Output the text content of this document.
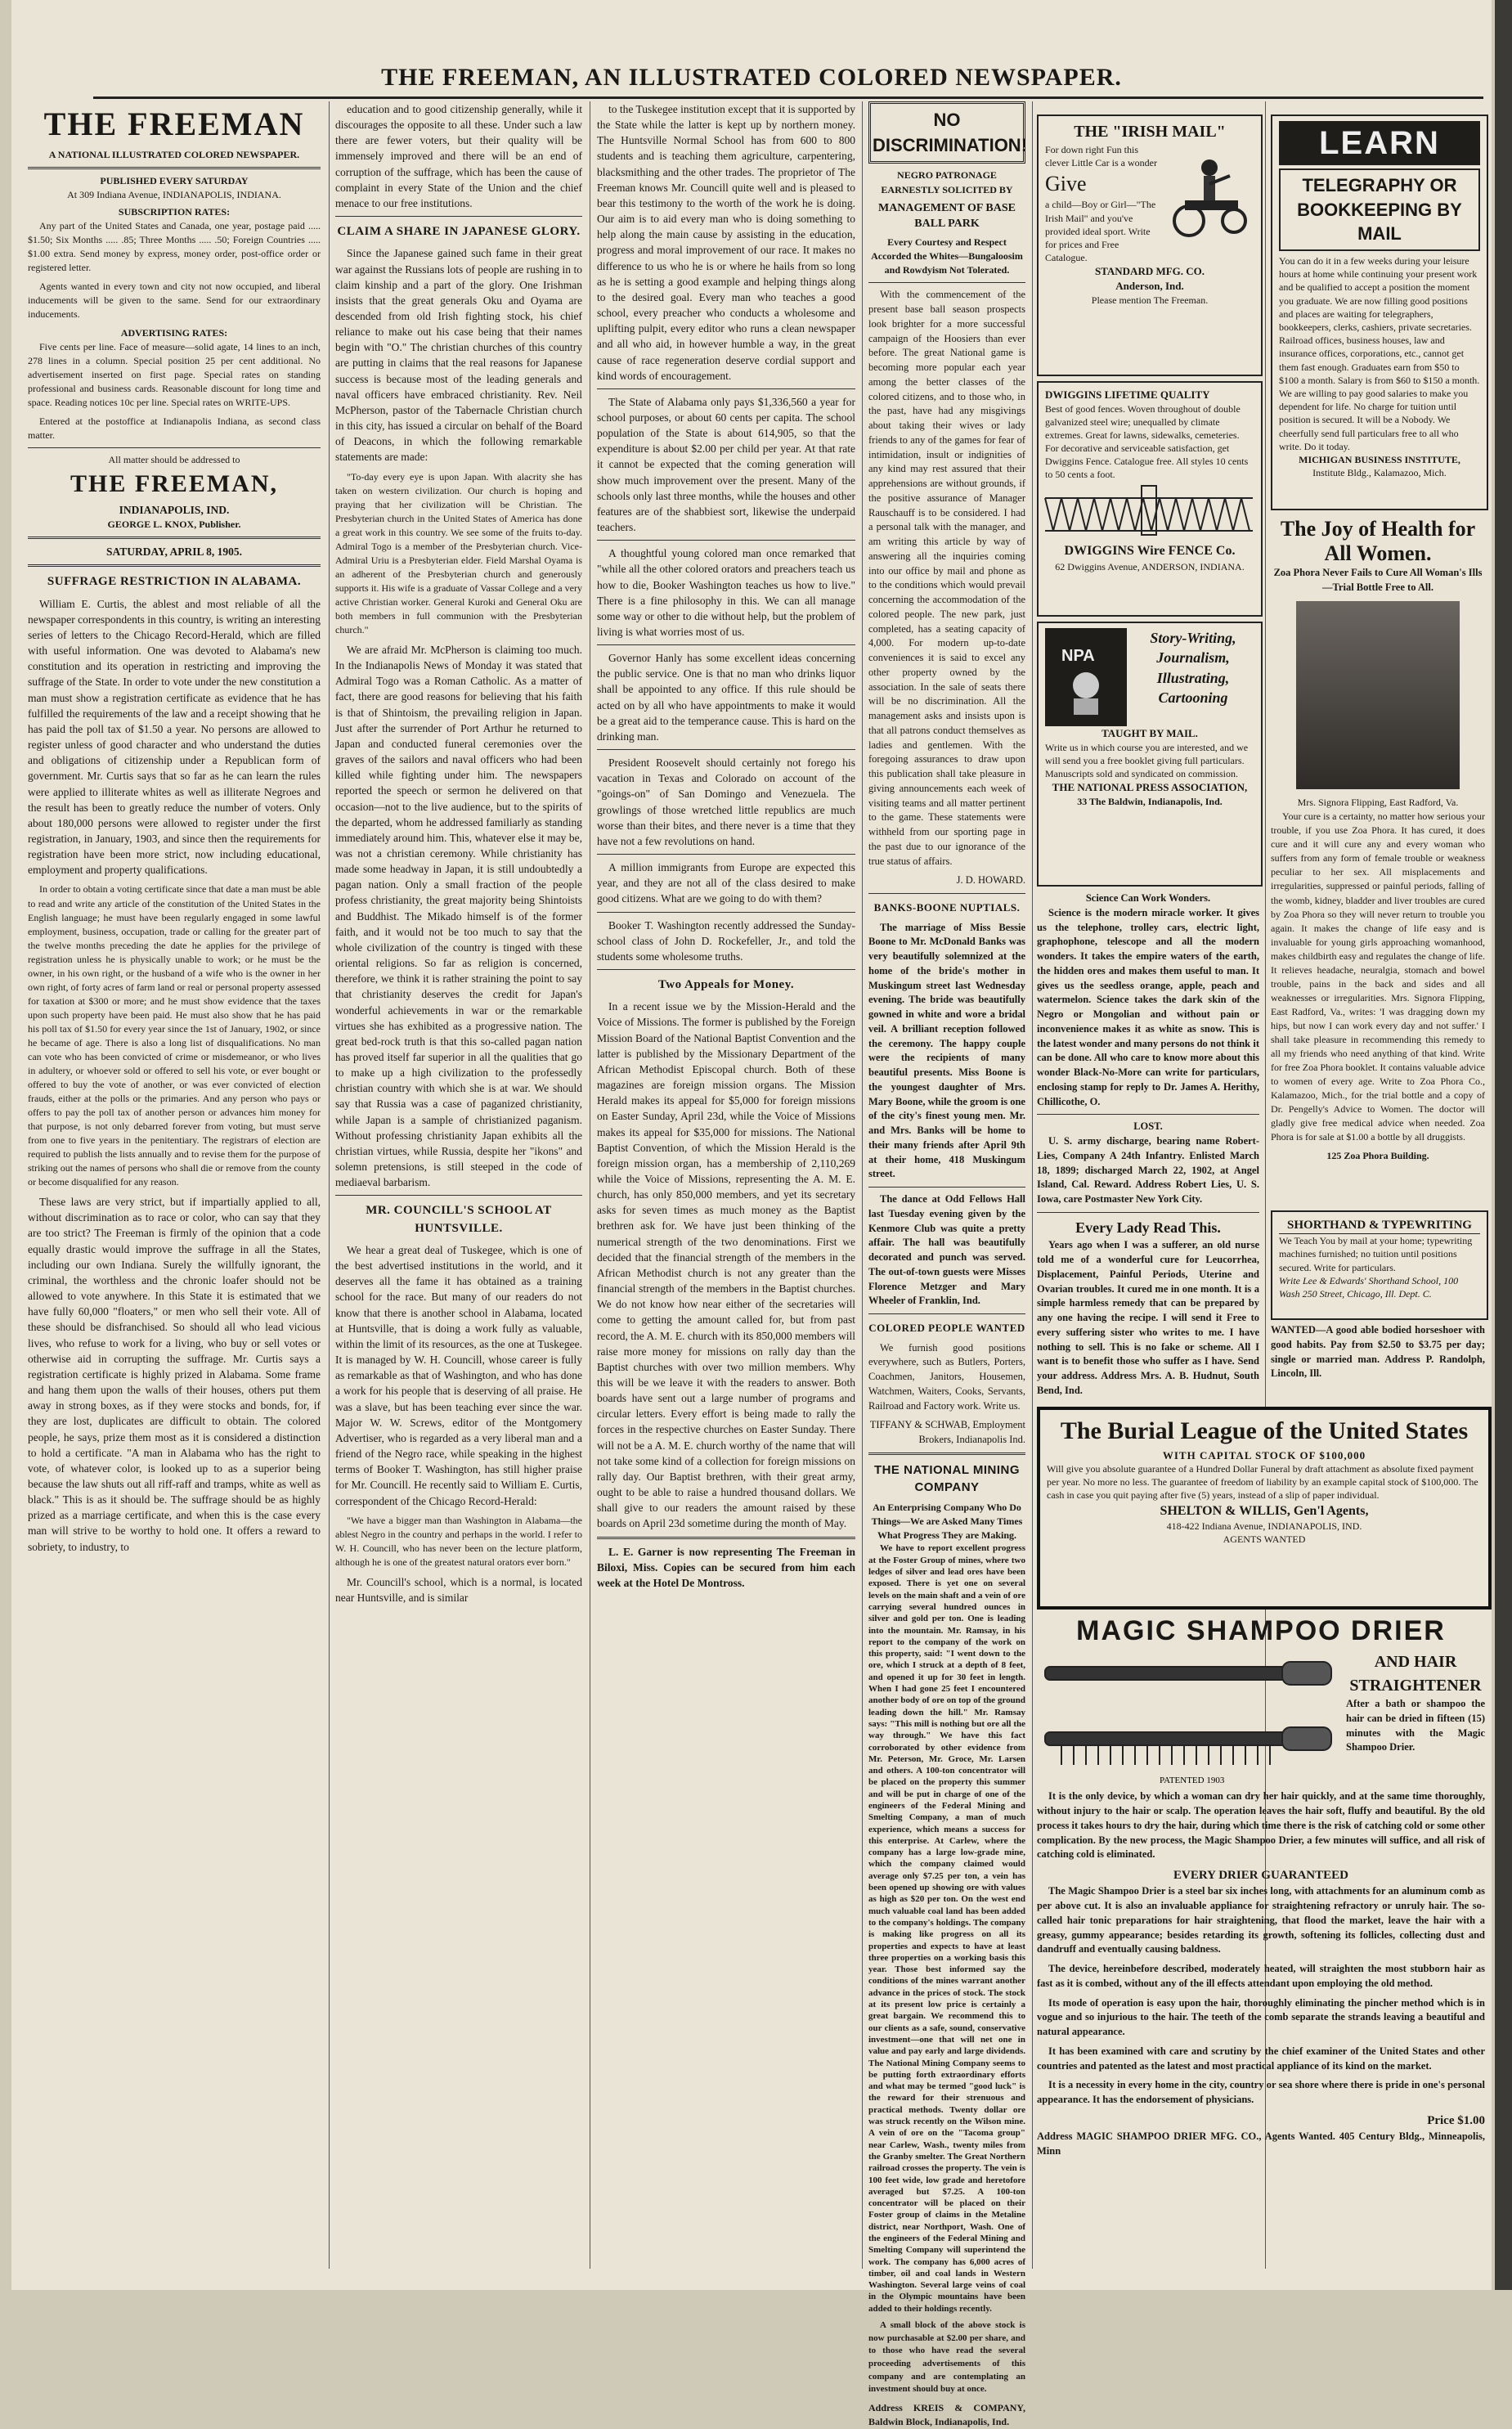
THE FREEMAN, AN ILLUSTRATED COLORED NEWSPAPER.
THE FREEMAN
A NATIONAL ILLUSTRATED COLORED NEWSPAPER.
PUBLISHED EVERY SATURDAY
At 309 Indiana Avenue, INDIANAPOLIS, INDIANA.
SUBSCRIPTION RATES:

Any part of the United States and Canada, one year, postage paid ..... $1.50; Six Months ..... .85; Three Months ..... .50; Foreign Countries ..... $1.00 extra. Send money by express, money order, post-office order or registered letter.

Agents wanted in every town and city not now occupied, and liberal inducements will be given to the same. Send for our extraordinary inducements.

ADVERTISING RATES:

Five cents per line. Face of measure—solid agate, 14 lines to an inch, 278 lines in a column. Special position 25 per cent additional. No advertisement inserted on first page. Special rates on standing professional and business cards. Reasonable discount for long time and space. Reading notices 10c per line. Special rates on WRITE-UPS.

Entered at the postoffice at Indianapolis Indiana, as second class matter.

All matter should be addressed to
THE FREEMAN,
INDIANAPOLIS, IND.
GEORGE L. KNOX, Publisher.
SATURDAY, APRIL 8, 1905.
SUFFRAGE RESTRICTION IN ALABAMA.

William E. Curtis, the ablest and most reliable of all the newspaper correspondents in this country, is writing an interesting series of letters to the Chicago Record-Herald, which are filled with useful information. One was devoted to Alabama's new constitution and its operation in restricting and improving the suffrage of the State. In order to vote under the new constitution a man must show a registration certificate as evidence that he has fulfilled the requirements of the law and a receipt showing that he has paid the poll tax of $1.50 a year. No persons are allowed to register unless of good character and who understand the duties and obligations of citizenship under a Republican form of government. Mr. Curtis says that so far as he can learn the rules were applied to illiterate whites as well as illiterate Negroes and the result has been to greatly reduce the number of voters. Only about 180,000 persons were allowed to register under the first registration, in January, 1903, and since then the requirements for registration have been more strict, now including educational, employment and property qualifications.

In order to obtain a voting certificate since that date a man must be able to read and write any article of the constitution of the United States in the English language; he must have been regularly engaged in some lawful employment, business, occupation, trade or calling for the greater part of the twelve months preceding the date he applies for the privilege of registration unless he is physically unable to work; or he must be the owner, in his own right, or the husband of a wife who is the owner in her own right, of forty acres of farm land or real or personal property assessed for taxation at $300 or more; and he must show evidence that the taxes upon such property have been paid. He must also show that he has paid his poll tax of $1.50 for every year since the 1st of January, 1902, or since he became of age. There is also a long list of disqualifications. No man can vote who has been convicted of crime or misdemeanor, or who lives in adultery, or whoever sold or offered to sell his vote, or ever bought or offered to buy the vote of another, or was ever convicted of election frauds, either at the polls or the primaries. And any person who pays or offers to pay the poll tax of another person or advances him money for that purpose, is not only debarred forever from voting, but must serve from one to five years in the penitentiary. The registrars of election are required to publish the lists annually and to revise them for the purpose of striking out the names of persons who shall die or remove from the county or become disqualified for any reason.

These laws are very strict, but if impartially applied to all, without discrimination as to race or color, who can say that they are too strict? The Freeman is firmly of the opinion that a code equally drastic would improve the suffrage in all the States, including our own Indiana. Surely the willfully ignorant, the criminal, the worthless and the chronic loafer should not be allowed to vote anywhere. In this State it is estimated that we have fully 60,000 "floaters," or men who sell their vote. All of these should be disfranchised. So should all who lead vicious lives, who refuse to work for a living, who buy or sell votes or otherwise aid in corrupting the suffrage. Mr. Curtis says a registration certificate is highly prized in Alabama. Some frame and hang them upon the walls of their houses, others put them away in strong boxes, as if they were stocks and bonds, for, if they are lost, duplicates are difficult to obtain. The colored people, he says, prize them most as it is considered a distinction to hold a certificate. "A man in Alabama who has the right to vote, of whatever color, is looked up to as a superior being because the law shuts out all riff-raff and tramps, white as well as black." This is as it should be. The suffrage should be as highly prized as a marriage certificate, and when this is the case every man will strive to be worthy to hold one. It offers a reward to sobriety, to industry, to

education and to good citizenship generally, while it discourages the opposite to all these. Under such a law there are fewer voters, but their quality will be immensely improved and there will be an end of corruption of the suffrage, which has been the cause of complaint in every State of the Union and the chief menace to our free institutions.

CLAIM A SHARE IN JAPANESE GLORY.

Since the Japanese gained such fame in their great war against the Russians lots of people are rushing in to claim kinship and a part of the glory. One Irishman insists that the great generals Oku and Oyama are descended from old Irish fighting stock, his chief reliance to make out his case being that their names begin with "O." The christian churches of this country are putting in claims that the real reasons for Japanese success is because most of the leading generals and naval officers have embraced christianity. Rev. Neil McPherson, pastor of the Tabernacle Christian church in this city, has issued a circular on behalf of the Board of Deacons, in which the following remarkable statements are made:

"To-day every eye is upon Japan. With alacrity she has taken on western civilization. Our church is hoping and praying that her civilization will be Christian. The Presbyterian church in the United States of America has done a great work in this country. We see some of the fruits to-day. Admiral Togo is a member of the Presbyterian church. Vice-Admiral Uriu is a Presbyterian elder. Field Marshal Oyama is an adherent of the Presbyterian church and generously supports it. His wife is a graduate of Vassar College and a very active Christian worker. General Kuroki and General Oku are both members in full communion with the Presbyterian church."

We are afraid Mr. McPherson is claiming too much. In the Indianapolis News of Monday it was stated that Admiral Togo was a Roman Catholic. As a matter of fact, there are good reasons for believing that his faith is that of Shintoism, the prevailing religion in Japan. Just after the surrender of Port Arthur he returned to Japan and conducted funeral ceremonies over the graves of the sailors and naval officers who had been killed while fighting under him. The newspapers reported the speech or sermon he delivered on that occasion—not to the live audience, but to the spirits of the departed, whom he addressed familiarly as standing immediately around him. This, whatever else it may be, was not a christian ceremony. While christianity has made some headway in Japan, it is still undoubtedly a pagan nation. Only a small fraction of the people profess christianity, the great majority being Shintoists and Buddhist. The Mikado himself is of the former faith, and it would not be too much to say that the whole civilization of the country is tinged with these oriental religions. So far as religion is concerned, therefore, we think it is rather straining the point to say that christianity deserves the credit for Japan's wonderful achievements in war or the remarkable virtues she has exhibited as a progressive nation. The great bed-rock truth is that this so-called pagan nation has proved itself far superior in all the qualities that go to make up a high civilization to the professedly christian country with which she is at war. We should say that Russia was a case of paganized christianity, while Japan is a sample of christianized paganism. Without professing christianity Japan exhibits all the christian virtues, while Russia, despite her "ikons" and solemn pretensions, is still steeped in the code of mediaeval barbarism.

MR. COUNCILL'S SCHOOL AT HUNTSVILLE.

We hear a great deal of Tuskegee, which is one of the best advertised institutions in the world, and it deserves all the fame it has obtained as a training school for the race. But many of our readers do not know that there is another school in Alabama, located at Huntsville, that is doing a work fully as valuable, within the limit of its resources, as the one at Tuskegee. It is managed by W. H. Councill, whose career is fully as remarkable as that of Washington, and who has done a work for his people that is deserving of all praise. He was a slave, but has been teaching ever since the war. Major W. W. Screws, editor of the Montgomery Advertiser, who is regarded as a very liberal man and a friend of the Negro race, while speaking in the highest terms of Booker T. Washington, has still higher praise for Mr. Councill. He recently said to William E. Curtis, correspondent of the Chicago Record-Herald:

"We have a bigger man than Washington in Alabama—the ablest Negro in the country and perhaps in the world. I refer to W. H. Councill, who has never been on the lecture platform, although he is one of the greatest natural orators ever born."

Mr. Councill's school, which is a normal, is located near Huntsville, and is similar

to the Tuskegee institution except that it is supported by the State while the latter is kept up by northern money. The Huntsville Normal School has from 600 to 800 students and is teaching them agriculture, carpentering, blacksmithing and the other trades. The proprietor of The Freeman knows Mr. Councill quite well and is pleased to bear this testimony to the worth of the work he is doing. Our aim is to aid every man who is doing something to help along the main cause by assisting in the education, progress and moral improvement of our race. It makes no difference to us who he is or where he hails from so long as he is setting a good example and helping things along to the desired goal. Every man who teaches a good school, every preacher who conducts a wholesome and uplifting pulpit, every editor who runs a clean newspaper and all who aid, in however humble a way, in the great cause of race regeneration deserve cordial support and kind words of encouragement.

The State of Alabama only pays $1,336,560 a year for school purposes, or about 60 cents per capita. The school population of the State is about 614,905, so that the expenditure is about $2.00 per child per year. At that rate it cannot be expected that the coming generation will show much improvement over the present. Many of the schools only last three months, while the houses and other features are of the shabbiest sort, likewise the underpaid teachers.

A thoughtful young colored man once remarked that "while all the other colored orators and preachers teach us how to die, Booker Washington teaches us how to live." There is a fine philosophy in this. We can all manage some way or other to die without help, but the problem of living is what worries most of us.

Governor Hanly has some excellent ideas concerning the public service. One is that no man who drinks liquor shall be appointed to any office. If this rule should be acted on by all who have appointments to make it would be a great aid to the temperance cause. This is hard on the drinking man.

President Roosevelt should certainly not forego his vacation in Texas and Colorado on account of the "goings-on" of San Domingo and Venezuela. The growlings of those wretched little republics are much worse than their bites, and there never is a time that they have not a few revolutions on hand.

A million immigrants from Europe are expected this year, and they are not all of the class desired to make good citizens. What are we going to do with them?

Booker T. Washington recently addressed the Sunday-school class of John D. Rockefeller, Jr., and told the students some wholesome truths.

Two Appeals for Money.

In a recent issue we by the Mission-Herald and the Voice of Missions. The former is published by the Foreign Mission Board of the National Baptist Convention and the latter is published by the Missionary Department of the African Methodist Episcopal church. Both of these magazines are foreign mission organs. The Mission Herald makes its appeal for $5,000 for foreign missions on Easter Sunday, April 23d, while the Voice of Missions makes its appeal for $35,000 for missions. The National Baptist Convention, of which the Mission Herald is the foreign mission organ, has a membership of 2,110,269 while the Voice of Missions, representing the A. M. E. church, has only 850,000 members, and yet its secretary asks for seven times as much money as the Baptist brethren ask for. We have just been thinking of the numerical strength of the two denominations. First we decided that the financial strength of the members in the African Methodist church is not any greater than the financial strength of the members in the Baptist churches. We do not know how near either of the secretaries will come to getting the amount called for, but from past record, the A. M. E. church with its 850,000 members will raise more money for missions on rally day than the Baptist churches with over two million members. Why this will be we leave it with the readers to answer. Both boards have sent out a large number of programs and circular letters. Every effort is being made to rally the forces in the respective churches on Easter Sunday. There will not be a A. M. E. church worthy of the name that will not take some kind of a collection for foreign missions on rally day. Our Baptist brethren, with their great army, ought to be able to raise a hundred thousand dollars. We shall give to our readers the amount raised by these boards on April 23d sometime during the month of May.

L. E. Garner is now representing The Freeman in Biloxi, Miss. Copies can be secured from him each week at the Hotel De Montross.

NO DISCRIMINATION!
NEGRO PATRONAGE EARNESTLY SOLICITED BY
MANAGEMENT OF BASE BALL PARK
Every Courtesy and Respect Accorded the Whites—Bungaloosim and Rowdyism Not Tolerated.

With the commencement of the present base ball season prospects look brighter for a more successful campaign of the Hoosiers than ever before. The great National game is becoming more popular each year among the better classes of the colored citizens, and to those who, in the past, have had any misgivings about taking their wives or lady friends to any of the games for fear of intimidation, insult or indignities of any kind may rest assured that their apprehensions are without grounds, if the positive assurance of Manager Rauschauff is to be considered. I had a personal talk with the manager, and am writing this article by way of answering all the inquiries coming into our office by mail and phone as to the conditions which would prevail concerning the accommodation of the colored people. The new park, just completed, has a seating capacity of 4,000. For modern up-to-date conveniences it is said to excel any other property owned by the association. In the sale of seats there will be no discrimination. All the management asks and insists upon is that all patrons conduct themselves as ladies and gentlemen. With the foregoing assurances to draw upon this publication shall take pleasure in giving announcements each week of visiting teams and all matter pertinent to the game. These statements were withheld from our sporting page in the past due to our ignorance of the true status of affairs.

J. D. HOWARD.
BANKS-BOONE NUPTIALS.

The marriage of Miss Bessie Boone to Mr. McDonald Banks was very beautifully solemnized at the home of the bride's mother in Muskingum street last Wednesday evening. The bride was beautifully gowned in white and wore a bridal veil. A brilliant reception followed the ceremony. The happy couple were the recipients of many beautiful presents. Miss Boone is the youngest daughter of Mrs. Mary Boone, while the groom is one of the city's finest young men. Mr. and Mrs. Banks will be home to their many friends after April 9th at their home, 418 Muskingum street.

The dance at Odd Fellows Hall last Tuesday evening given by the Kenmore Club was quite a pretty affair. The hall was beautifully decorated and punch was served. The out-of-town guests were Misses Florence Metzger and Mary Wheeler of Franklin, Ind.

COLORED PEOPLE WANTED

We furnish good positions everywhere, such as Butlers, Porters, Coachmen, Janitors, Housemen, Watchmen, Waiters, Cooks, Servants, Railroad and Factory work. Write us.

TIFFANY & SCHWAB, Employment Brokers, Indianapolis Ind.
THE NATIONAL MINING COMPANY
An Enterprising Company Who Do Things—We are Asked Many Times What Progress They are Making.

We have to report excellent progress at the Foster Group of mines, where two ledges of silver and lead ores have been exposed. There is yet one on several levels on the main shaft and a vein of ore carrying several hundred ounces in silver and gold per ton. One is leading into the mountain. Mr. Ramsay, in his report to the company of the work on this property, said: "I went down to the ore, which I struck at a depth of 8 feet, and opened it up for 30 feet in length. When I had gone 25 feet I encountered another body of ore on top of the ground leading down the hill." Mr. Ramsay says: "This mill is nothing but ore all the way through." We have this fact corroborated by other evidence from Mr. Peterson, Mr. Groce, Mr. Larsen and others. A 100-ton concentrator will be placed on the property this summer and will be put in charge of one of the engineers of the Federal Mining and Smelting Company, a man of much experience, which means a success for this enterprise. At Carlew, where the company has a large low-grade mine, which the company claimed would average only $7.25 per ton, a vein has been opened up showing ore with values as high as $20 per ton. On the west end much valuable coal land has been added to the company's holdings. The company is making like progress on all its properties and expects to have at least three properties on a working basis this year. Those best informed say the conditions of the mines warrant another advance in the prices of stock. The stock at its present low price is certainly a great bargain. We recommend this to our clients as a safe, sound, conservative investment—one that will net one in value and pay early and large dividends. The National Mining Company seems to be putting forth extraordinary efforts and what may be termed "good luck" is the reward for their strenuous and practical methods. Twenty dollar ore was struck recently on the Wilson mine. A vein of ore on the "Tacoma group" near Carlew, Wash., twenty miles from the Granby smelter. The Great Northern railroad crosses the property. The vein is 100 feet wide, low grade and heretofore averaged but $7.25. A 100-ton concentrator will be placed on their Foster group of claims in the Metaline district, near Northport, Wash. One of the engineers of the Federal Mining and Smelting Company will superintend the work. The company has 6,000 acres of timber, oil and coal lands in Western Washington. Several large veins of coal in the Olympic mountains have been added to their holdings recently.

A small block of the above stock is now purchasable at $2.00 per share, and to those who have read the several proceeding advertisements of this company and are contemplating an investment should buy at once.

Address KREIS & COMPANY, Baldwin Block, Indianapolis, Ind.
THE "IRISH MAIL"
For down right Fun this clever Little Car is a wonder
Give
a child—Boy or Girl—"The Irish Mail" and you've provided ideal sport. Write for prices and Free Catalogue.
STANDARD MFG. CO.
Anderson, Ind.
Please mention The Freeman.
DWIGGINS LIFETIME QUALITY
Best of good fences. Woven throughout of double galvanized steel wire; unequalled by climate extremes. Great for lawns, sidewalks, cemeteries. For decorative and serviceable satisfaction, get Dwiggins Fence. Catalogue free. All styles 10 cents to 50 cents a foot.
DWIGGINS Wire FENCE Co.
62 Dwiggins Avenue, ANDERSON, INDIANA.
NPA
Story-Writing, Journalism, Illustrating, Cartooning
TAUGHT BY MAIL.
Write us in which course you are interested, and we will send you a free booklet giving full particulars. Manuscripts sold and syndicated on commission.
THE NATIONAL PRESS ASSOCIATION,
33 The Baldwin, Indianapolis, Ind.
Science Can Work Wonders.

Science is the modern miracle worker. It gives us the telephone, trolley cars, electric light, graphophone, telescope and all the modern wonders. It takes the empire waters of the earth, the hidden ores and makes them useful to man. It gives us the seedless orange, apple, peach and watermelon. Science takes the dark skin of the Negro or Mongolian and without pain or inconvenience makes it as white as snow. This is the latest wonder and many persons do not think it can be done. All who care to know more about this wonder Black-No-More can write for particulars, enclosing stamp for reply to Dr. James A. Herithy, Chillicothe, O.

LOST.

U. S. army discharge, bearing name Robert-Lies, Company A 24th Infantry. Enlisted March 18, 1899; discharged March 22, 1902, at Angel Island, Cal. Reward. Address Robert Lies, U. S. Iowa, care Postmaster New York City.

Every Lady Read This.

Years ago when I was a sufferer, an old nurse told me of a wonderful cure for Leucorrhea, Displacement, Painful Periods, Uterine and Ovarian troubles. It cured me in one month. It is a simple harmless remedy that can be prepared by any one having the recipe. I will send it Free to every suffering sister who writes to me. I have nothing to sell. This is no fake or scheme. All I want is to benefit those who suffer as I have. Send your address. Address Mrs. A. B. Hudnut, South Bend, Ind.

LEARN
TELEGRAPHY OR BOOKKEEPING BY MAIL
You can do it in a few weeks during your leisure hours at home while continuing your present work and be qualified to accept a position the moment you graduate. We are now filling good positions and places are waiting for telegraphers, bookkeepers, clerks, cashiers, private secretaries. Railroad offices, business houses, law and insurance offices, corporations, etc., cannot get them fast enough. Graduates earn from $50 to $100 a month. Salary is from $60 to $150 a month. We are willing to pay good salaries to make you dependent for life. No charge for tuition until position is secured. It will be a Nobody. We cheerfully send full particulars free to all who write. Do it today.
MICHIGAN BUSINESS INSTITUTE,
Institute Bldg., Kalamazoo, Mich.
The Joy of Health for All Women.
Zoa Phora Never Fails to Cure All Woman's Ills—Trial Bottle Free to All.
Mrs. Signora Flipping, East Radford, Va.

Your cure is a certainty, no matter how serious your trouble, if you use Zoa Phora. It has cured, it does cure and it will cure any and every woman who suffers from any form of female trouble or weakness peculiar to her sex. All misplacements and irregularities, suppressed or painful periods, falling of the womb, kidney, bladder and liver troubles are cured by Zoa Phora so they will never return to trouble you again. It makes the change of life easy and is invaluable for young girls approaching womanhood, makes childbirth easy and regulates the change of life. It relieves headache, neuralgia, stomach and bowel trouble, pains in the back and sides and all weaknesses or irregularities. Mrs. Signora Flipping, East Radford, Va., writes: 'I was dragging down my hips, but now I can work every day and not suffer.' I shall take pleasure in recommending this remedy to all my friends who need anything of that kind. Write for free Zoa Phora booklet. It contains valuable advice to women of every age. Write to Zoa Phora Co., Kalamazoo, Mich., for the trial bottle and a copy of Dr. Pengelly's Advice to Women. The doctor will gladly give free medical advice when needed. Zoa Phora is for sale at $1.00 a bottle by all druggists.

125 Zoa Phora Building.
SHORTHAND & TYPEWRITING
We Teach You by mail at your home; typewriting machines furnished; no tuition until positions secured. Write for particulars.
Write Lee & Edwards' Shorthand School, 100 Wash 250 Street, Chicago, Ill. Dept. C.
WANTED—A good able bodied horseshoer with good habits. Pay from $2.50 to $3.75 per day; single or married man. Address P. Randolph, Lincoln, Ill.
The Burial League of the United States
WITH CAPITAL STOCK OF $100,000
Will give you absolute guarantee of a Hundred Dollar Funeral by draft attachment as absolute fixed payment per year. No more no less. The guarantee of freedom of liability by an example capital stock of $100,000. The cash in case you quit paying after five (5) years, instead of a slip of paper individual.
SHELTON & WILLIS, Gen'l Agents,
418-422 Indiana Avenue, INDIANAPOLIS, IND.
AGENTS WANTED
MAGIC SHAMPOO DRIER
PATENTED 1903
AND HAIR STRAIGHTENER
After a bath or shampoo the hair can be dried in fifteen (15) minutes with the Magic Shampoo Drier.

It is the only device, by which a woman can dry her hair quickly, and at the same time thoroughly, without injury to the hair or scalp. The operation leaves the hair soft, fluffy and beautiful. By the old process it takes hours to dry the hair, during which time there is the risk of catching cold or some other complication. By the new process, the Magic Shampoo Drier, a few minutes will suffice, and all risk of catching cold is eliminated.

EVERY DRIER GUARANTEED

The Magic Shampoo Drier is a steel bar six inches long, with attachments for an aluminum comb as per above cut. It is also an invaluable appliance for straightening refractory or unruly hair. The so-called hair tonic preparations for hair straightening, that flood the market, leave the hair with a greasy, gummy appearance; besides retarding its growth, softening its follicles, collecting dust and dandruff and eventually causing baldness.

The device, hereinbefore described, moderately heated, will straighten the most stubborn hair as fast as it is combed, without any of the ill effects attendant upon employing the old method.

Its mode of operation is easy upon the hair, thoroughly eliminating the pincher method which is in vogue and so injurious to the hair. The teeth of the comb separate the strands leaving a beautiful and natural appearance.

It has been examined with care and scrutiny by the chief examiner of the United States and other countries and patented as the latest and most practical appliance of its kind on the market.

It is a necessity in every home in the city, country or sea shore where there is pride in one's personal appearance. It has the endorsement of physicians.

Price $1.00
Address MAGIC SHAMPOO DRIER MFG. CO., Agents Wanted. 405 Century Bldg., Minneapolis, Minn
